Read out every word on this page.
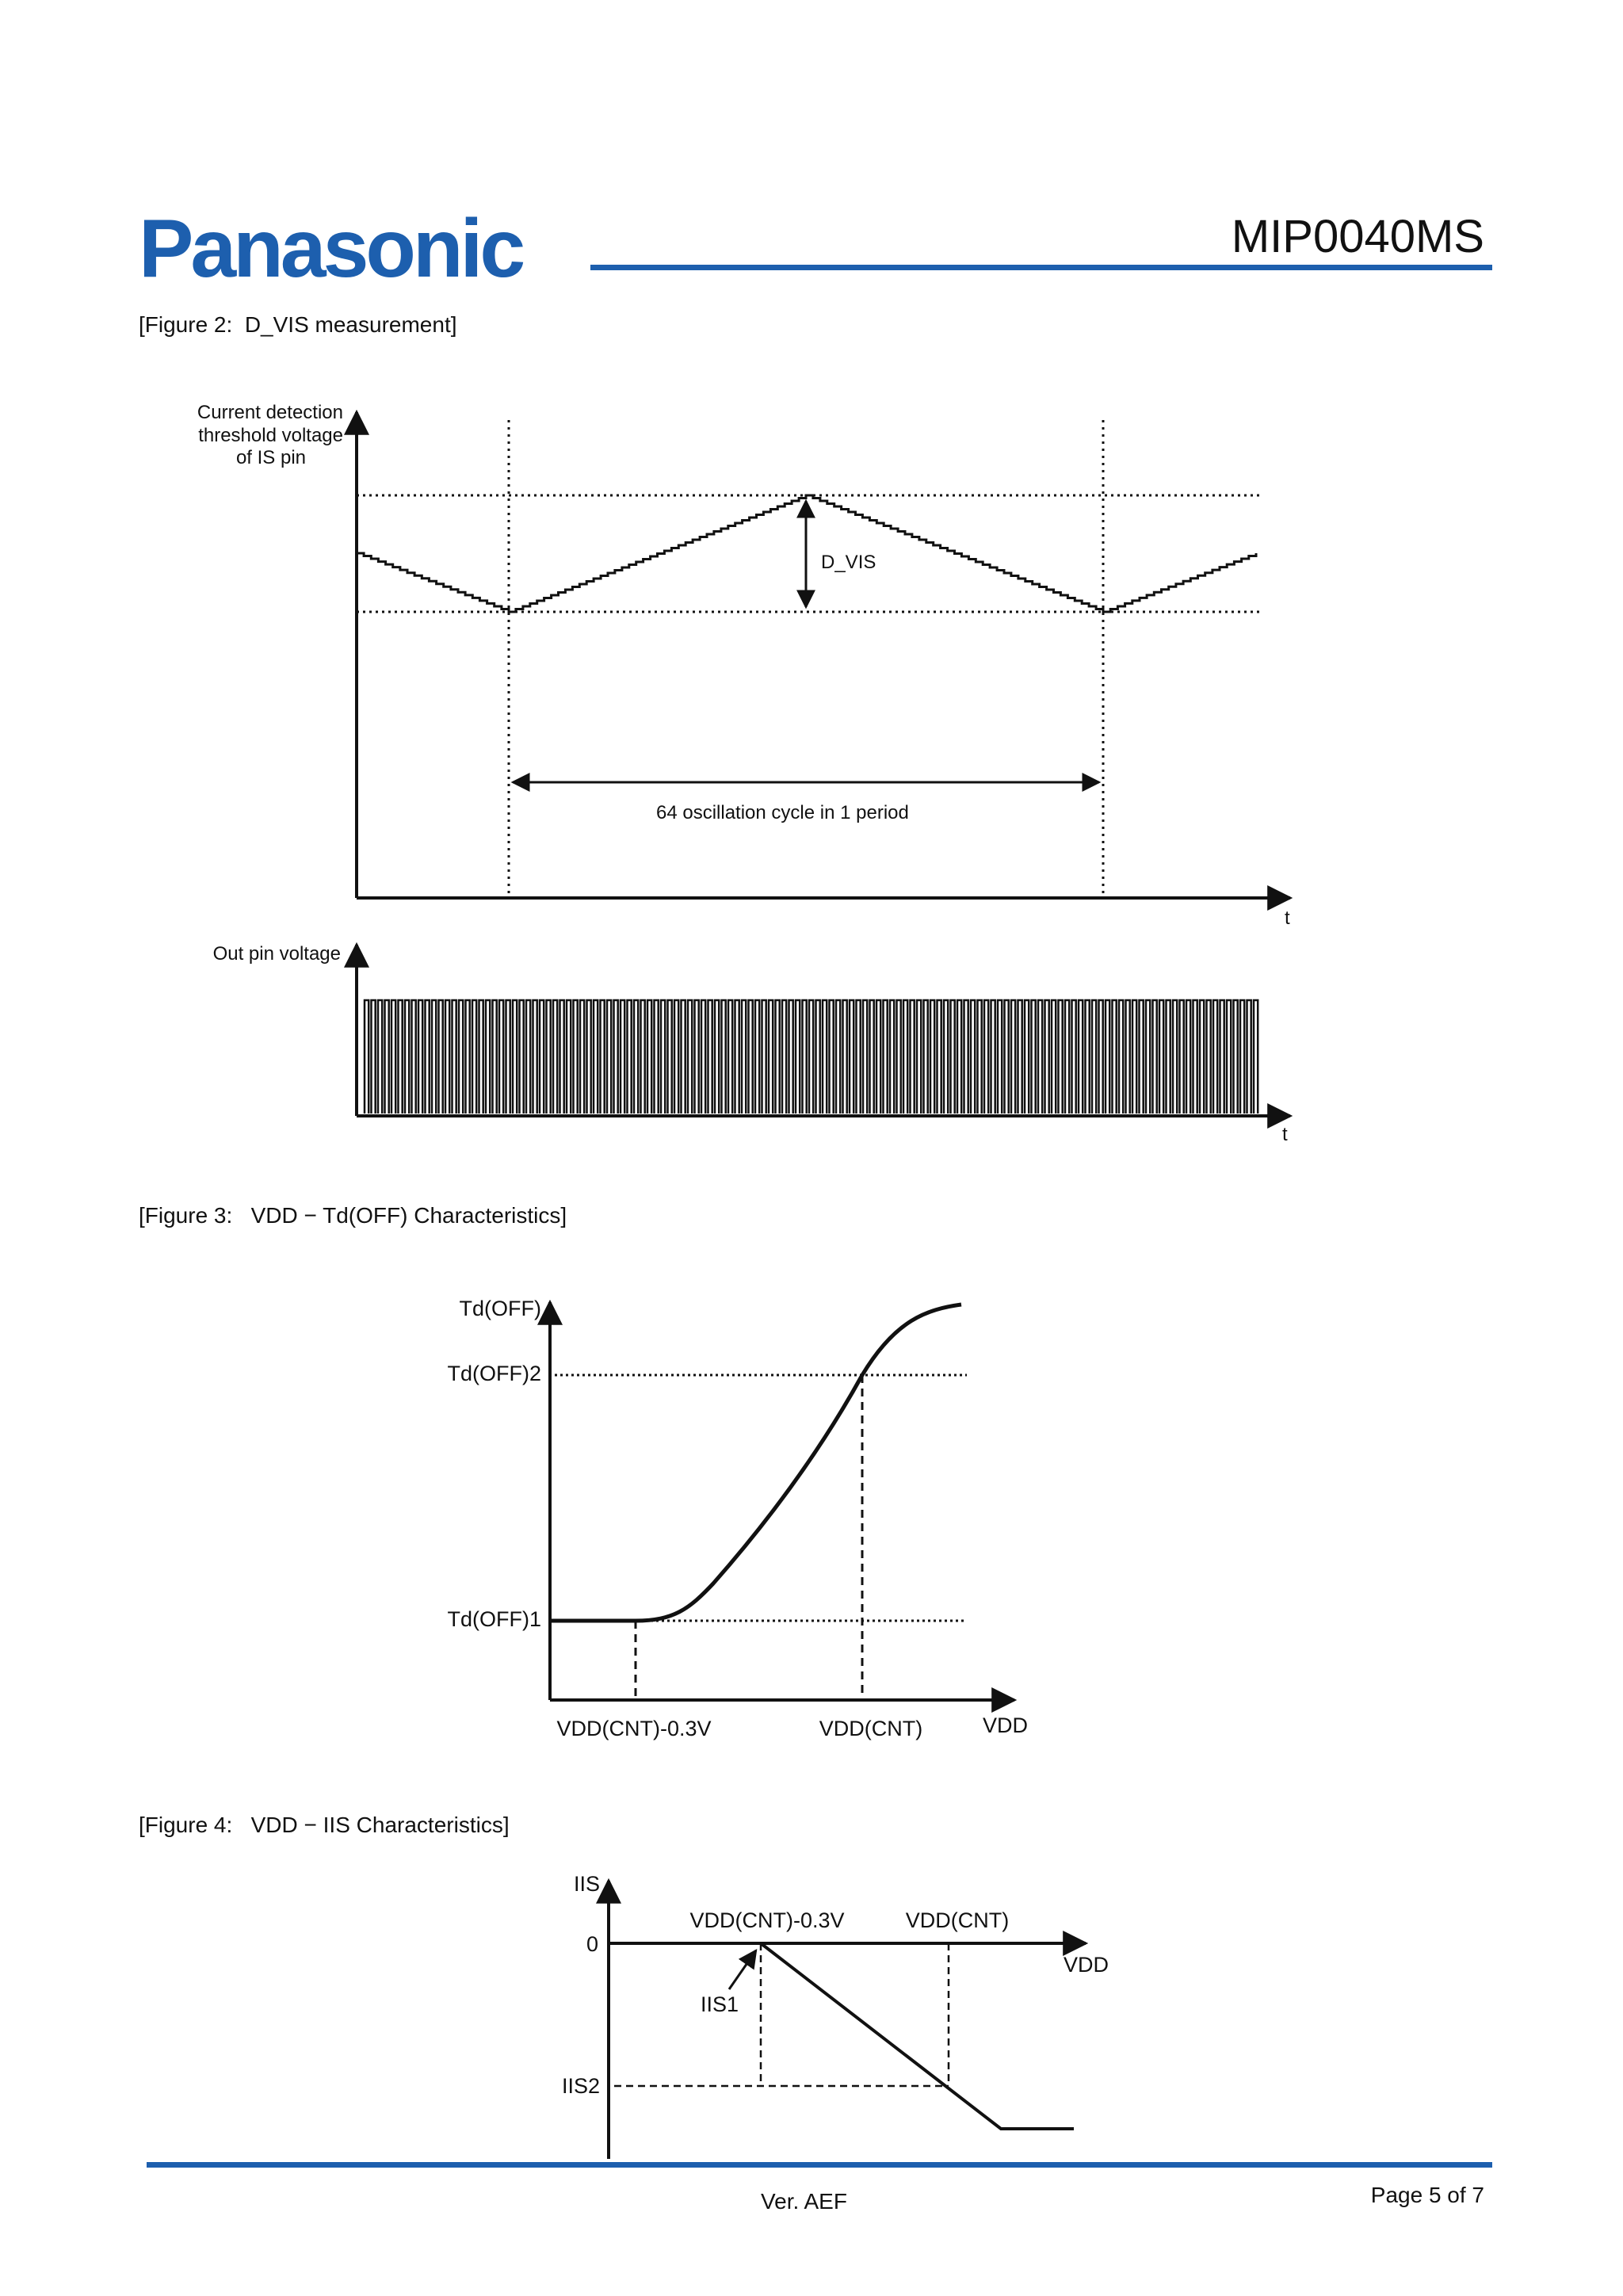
Panasonic	MIP0040MS
[Figure 2:  D_VIS measurement]
[Figure 3:   VDD − Td(OFF) Characteristics]
[Figure 4:   VDD − IIS Characteristics]
D_VIS
64 oscillation cycle in 1 period
Current detection
threshold voltage
of IS pin
t
Out pin voltage
t
Td(OFF)
Td(OFF)2
Td(OFF)1
VDD(CNT)-0.3V	VDD(CNT)	VDD
IIS
0
VDD(CNT)-0.3V	VDD(CNT)
VDD
IIS1
IIS2
Ver. AEF	Page 5 of 7
